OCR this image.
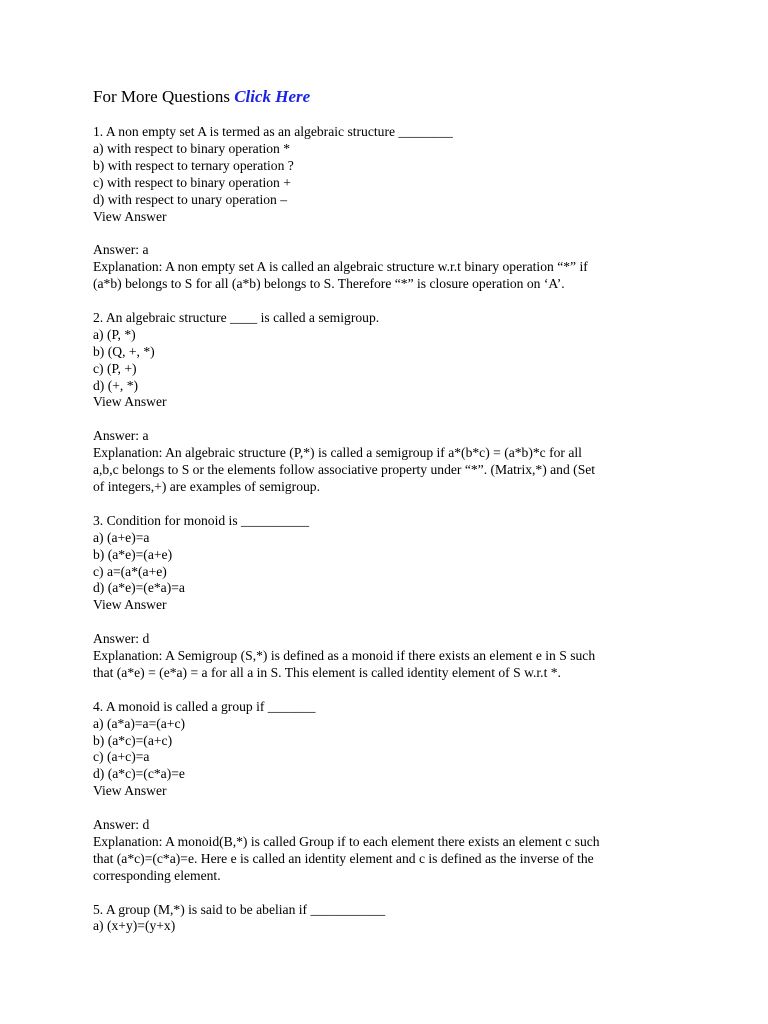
For More Questions Click Here
1. A non empty set A is termed as an algebraic structure ________
a) with respect to binary operation *
b) with respect to ternary operation ?
c) with respect to binary operation +
d) with respect to unary operation –
View Answer
Answer: a
Explanation: A non empty set A is called an algebraic structure w.r.t binary operation “*” if
(a*b) belongs to S for all (a*b) belongs to S. Therefore “*” is closure operation on ‘A’.
2. An algebraic structure ____ is called a semigroup.
a) (P, *)
b) (Q, +, *)
c) (P, +)
d) (+, *)
View Answer
Answer: a
Explanation: An algebraic structure (P,*) is called a semigroup if a*(b*c) = (a*b)*c for all
a,b,c belongs to S or the elements follow associative property under “*”. (Matrix,*) and (Set
of integers,+) are examples of semigroup.
3. Condition for monoid is __________
a) (a+e)=a
b) (a*e)=(a+e)
c) a=(a*(a+e)
d) (a*e)=(e*a)=a
View Answer
Answer: d
Explanation: A Semigroup (S,*) is defined as a monoid if there exists an element e in S such
that (a*e) = (e*a) = a for all a in S. This element is called identity element of S w.r.t *.
4. A monoid is called a group if _______
a) (a*a)=a=(a+c)
b) (a*c)=(a+c)
c) (a+c)=a
d) (a*c)=(c*a)=e
View Answer
Answer: d
Explanation: A monoid(B,*) is called Group if to each element there exists an element c such
that (a*c)=(c*a)=e. Here e is called an identity element and c is defined as the inverse of the
corresponding element.
5. A group (M,*) is said to be abelian if ___________
a) (x+y)=(y+x)
